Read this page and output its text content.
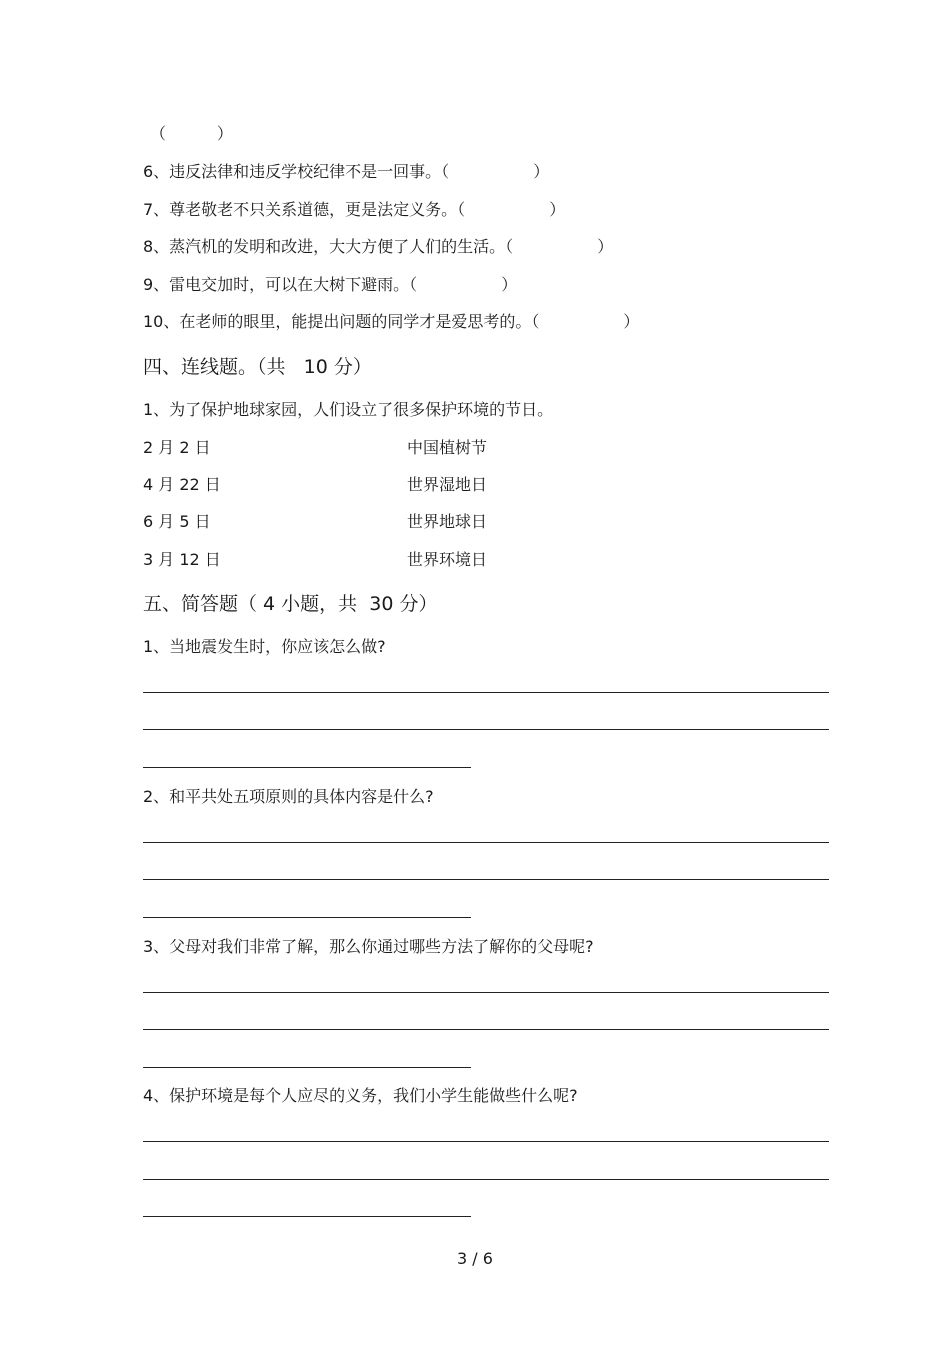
（          ）
6、违反法律和违反学校纪律不是一回事。（	）
7、尊老敬老不只关系道德，更是法定义务。（	）
8、蒸汽机的发明和改进，大大方便了人们的生活。（	）
9、雷电交加时，可以在大树下避雨。（	）
10、在老师的眼里，能提出问题的同学才是爱思考的。（	）
四、连线题。（共   10 分）
1、为了保护地球家园，人们设立了很多保护环境的节日。
2 月 2 日	中国植树节
4 月 22 日	世界湿地日
6 月 5 日	世界地球日
3 月 12 日	世界环境日
五、简答题（ 4 小题，共  30 分）
1、当地震发生时，你应该怎么做?
2、和平共处五项原则的具体内容是什么?
3、父母对我们非常了解，那么你通过哪些方法了解你的父母呢?
4、保护环境是每个人应尽的义务，我们小学生能做些什么呢?
3 / 6
